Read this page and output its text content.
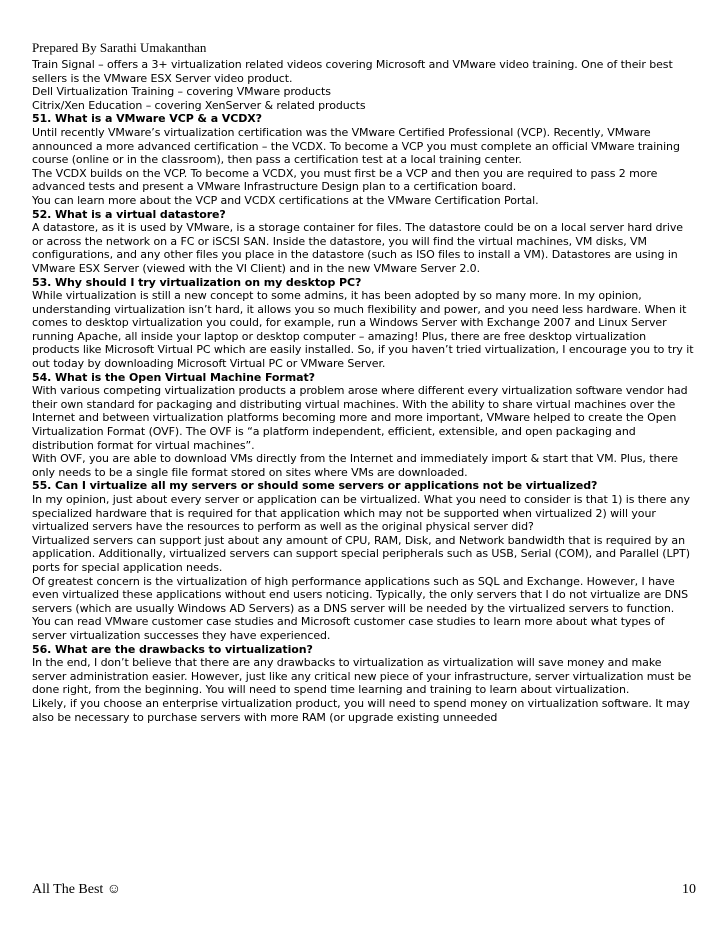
Prepared By Sarathi Umakanthan

Train Signal – offers a 3+ virtualization related videos covering Microsoft and VMware video training. One of their best sellers is the VMware ESX Server video product.

Dell Virtualization Training – covering VMware products

Citrix/Xen Education – covering XenServer & related products

51. What is a VMware VCP & a VCDX?

Until recently VMware’s virtualization certification was the VMware Certified Professional (VCP). Recently, VMware announced a more advanced certification – the VCDX. To become a VCP you must complete an official VMware training course (online or in the classroom), then pass a certification test at a local training center.

The VCDX builds on the VCP. To become a VCDX, you must first be a VCP and then you are required to pass 2 more advanced tests and present a VMware Infrastructure Design plan to a certification board.

You can learn more about the VCP and VCDX certifications at the VMware Certification Portal.

52. What is a virtual datastore?

A datastore, as it is used by VMware, is a storage container for files. The datastore could be on a local server hard drive or across the network on a FC or iSCSI SAN. Inside the datastore, you will find the virtual machines, VM disks, VM configurations, and any other files you place in the datastore (such as ISO files to install a VM). Datastores are using in VMware ESX Server (viewed with the VI Client) and in the new VMware Server 2.0.

53. Why should I try virtualization on my desktop PC?

While virtualization is still a new concept to some admins, it has been adopted by so many more. In my opinion, understanding virtualization isn’t hard, it allows you so much flexibility and power, and you need less hardware. When it comes to desktop virtualization you could, for example, run a Windows Server with Exchange 2007 and Linux Server running Apache, all inside your laptop or desktop computer – amazing! Plus, there are free desktop virtualization products like Microsoft Virtual PC which are easily installed. So, if you haven’t tried virtualization, I encourage you to try it out today by downloading Microsoft Virtual PC or VMware Server.

54. What is the Open Virtual Machine Format?

With various competing virtualization products a problem arose where different every virtualization software vendor had their own standard for packaging and distributing virtual machines. With the ability to share virtual machines over the Internet and between virtualization platforms becoming more and more important, VMware helped to create the Open Virtualization Format (OVF). The OVF is “a platform independent, efficient, extensible, and open packaging and distribution format for virtual machines”.

With OVF, you are able to download VMs directly from the Internet and immediately import & start that VM. Plus, there only needs to be a single file format stored on sites where VMs are downloaded.

55. Can I virtualize all my servers or should some servers or applications not be virtualized?

In my opinion, just about every server or application can be virtualized. What you need to consider is that 1) is there any specialized hardware that is required for that application which may not be supported when virtualized 2) will your virtualized servers have the resources to perform as well as the original physical server did?

Virtualized servers can support just about any amount of CPU, RAM, Disk, and Network bandwidth that is required by an application. Additionally, virtualized servers can support special peripherals such as USB, Serial (COM), and Parallel (LPT) ports for special application needs.

Of greatest concern is the virtualization of high performance applications such as SQL and Exchange. However, I have even virtualized these applications without end users noticing. Typically, the only servers that I do not virtualize are DNS servers (which are usually Windows AD Servers) as a DNS server will be needed by the virtualized servers to function.

You can read VMware customer case studies and Microsoft customer case studies to learn more about what types of server virtualization successes they have experienced.

56. What are the drawbacks to virtualization?

In the end, I don’t believe that there are any drawbacks to virtualization as virtualization will save money and make server administration easier. However, just like any critical new piece of your infrastructure, server virtualization must be done right, from the beginning. You will need to spend time learning and training to learn about virtualization.

Likely, if you choose an enterprise virtualization product, you will need to spend money on virtualization software. It may also be necessary to purchase servers with more RAM (or upgrade existing unneeded

All The Best ☺	10
